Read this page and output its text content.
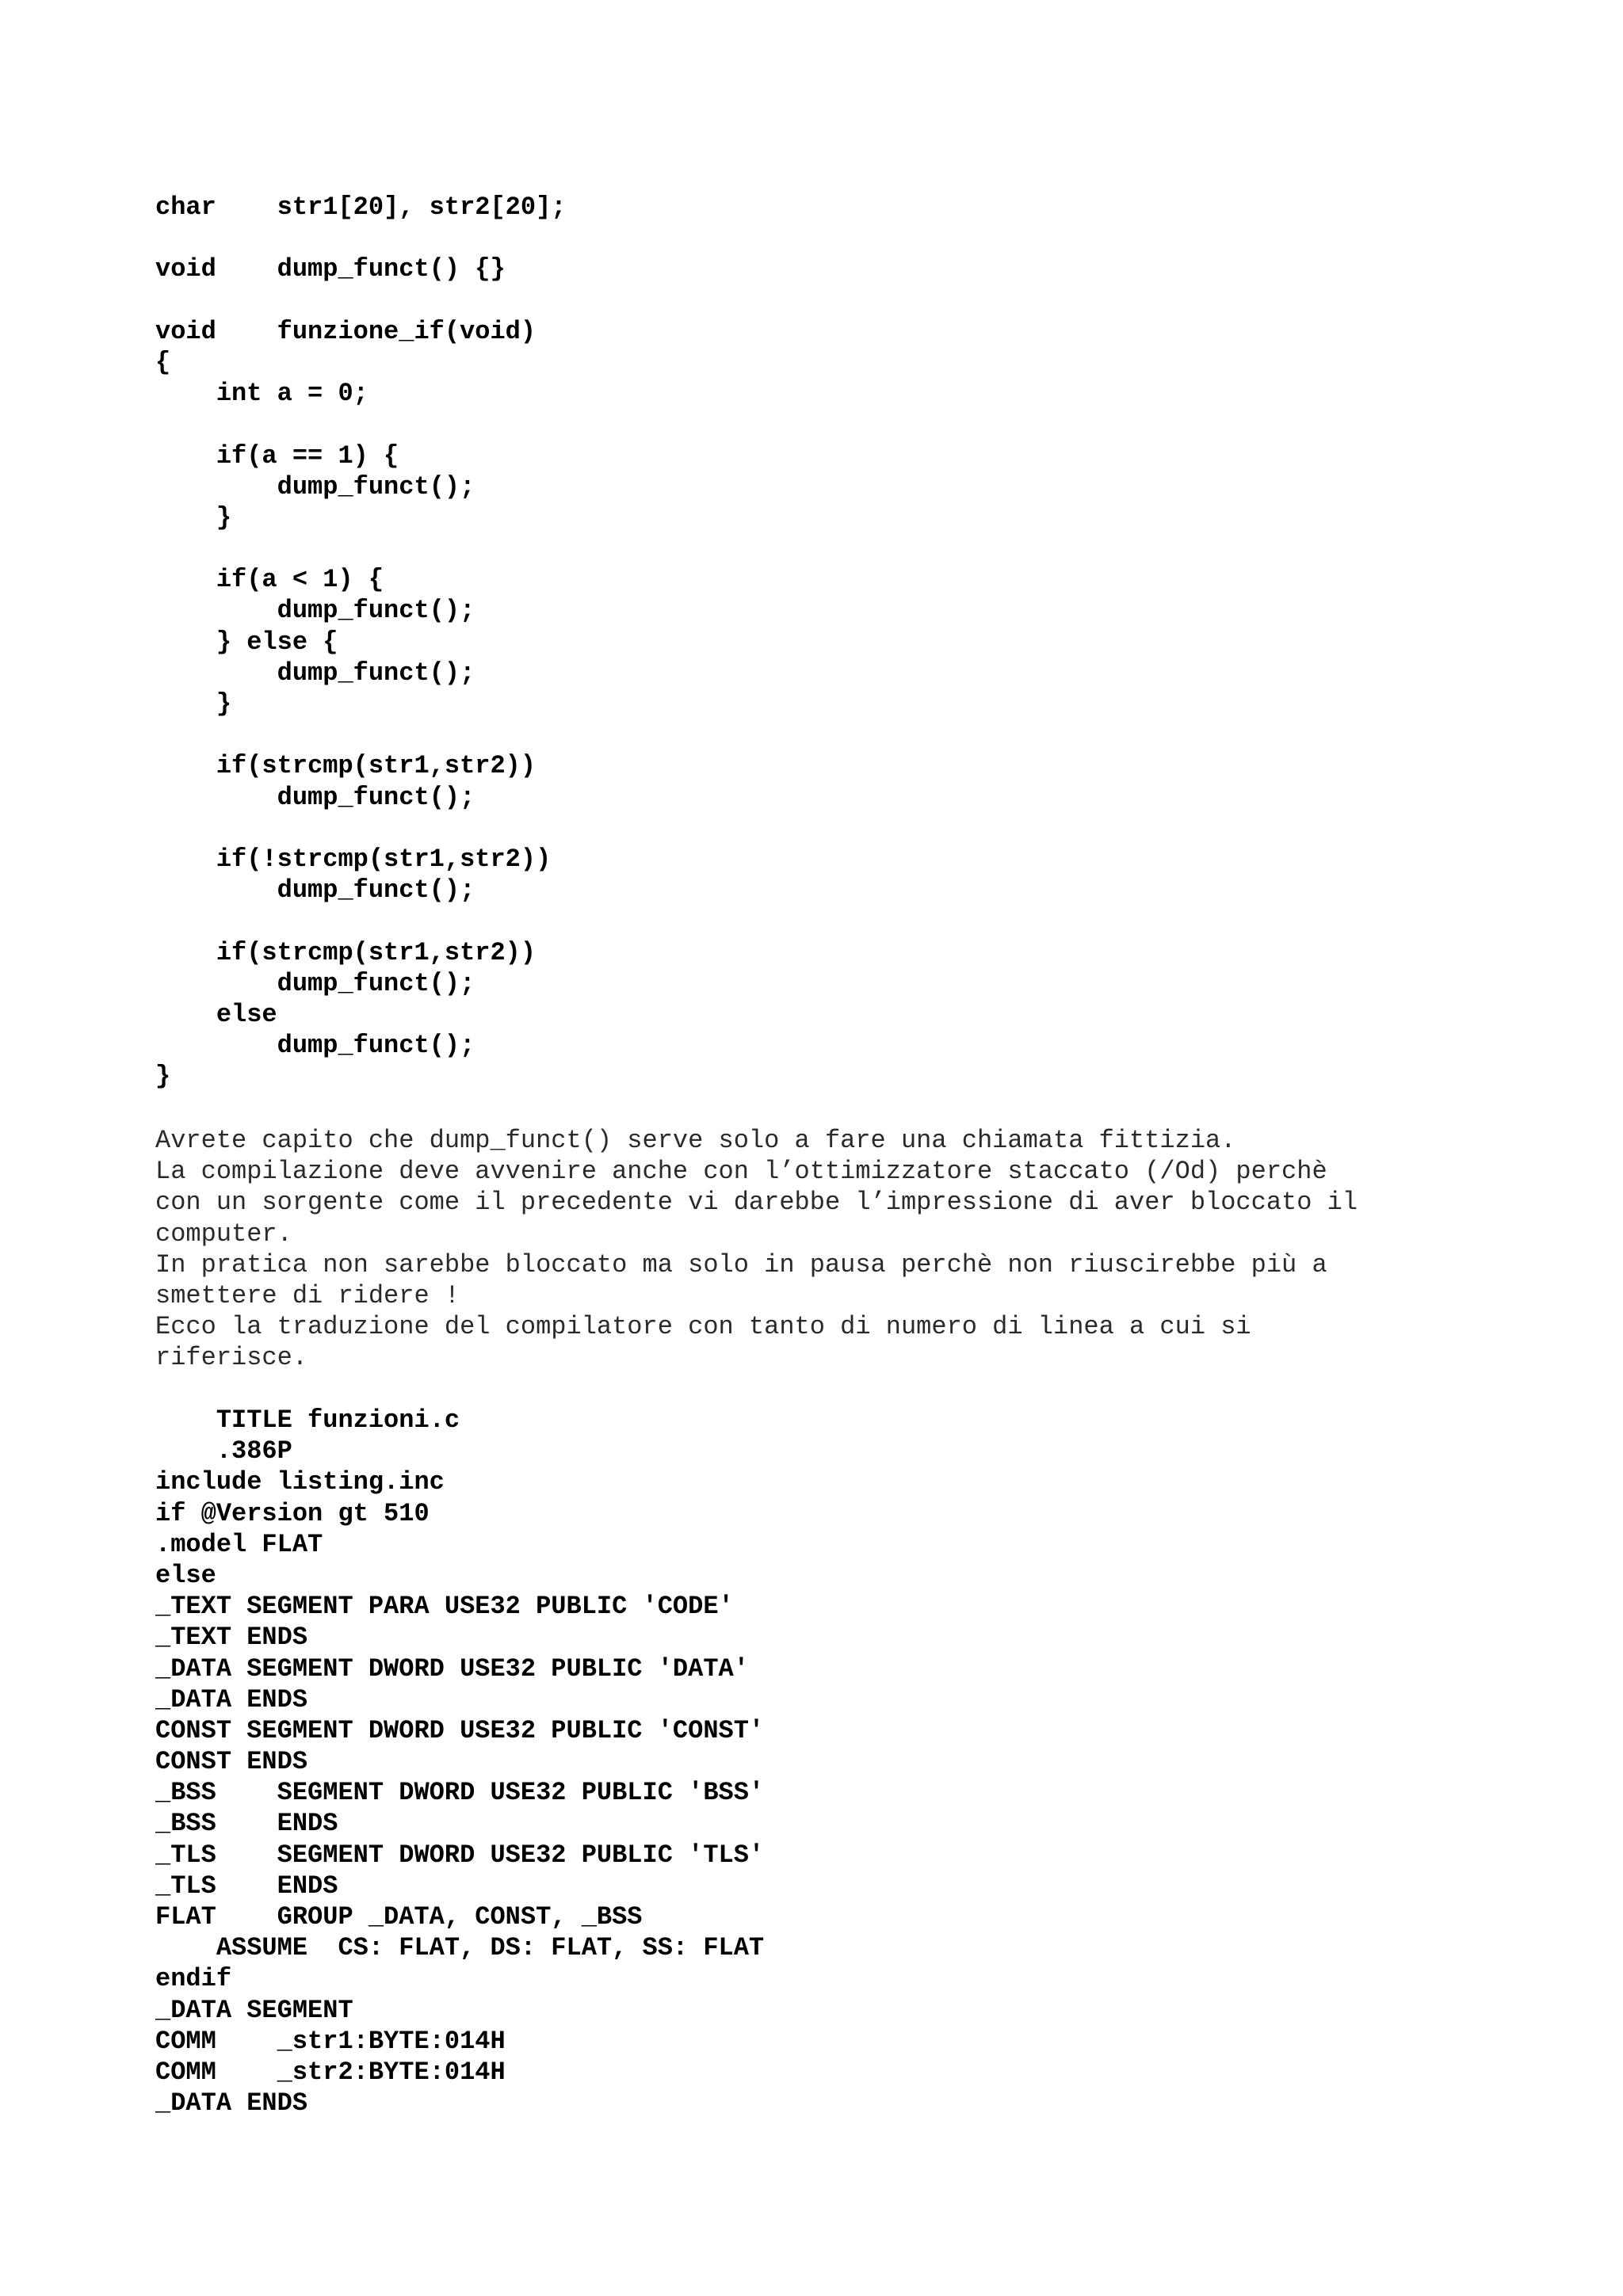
char	str1[20], str2[20];
void	dump_funct() {}
void	funzione_if(void)
{
	int a = 0;
	if(a == 1) {
		dump_funct();
	}
	if(a < 1) {
		dump_funct();
	} else {
		dump_funct();
	}
	if(strcmp(str1,str2))
		dump_funct();
	if(!strcmp(str1,str2))
		dump_funct();
	if(strcmp(str1,str2))
		dump_funct();
	else
		dump_funct();
}
Avrete capito che dump_funct() serve solo a fare una chiamata fittizia.
La compilazione deve avvenire anche con l’ottimizzatore staccato (/Od) perchè
con un sorgente come il precedente vi darebbe l’impressione di aver bloccato il
computer.
In pratica non sarebbe bloccato ma solo in pausa perchè non riuscirebbe più a
smettere di ridere !
Ecco la traduzione del compilatore con tanto di numero di linea a cui si
riferisce.
	TITLE funzioni.c
	.386P
include listing.inc
if @Version gt 510
.model FLAT
else
_TEXT SEGMENT PARA USE32 PUBLIC 'CODE'
_TEXT ENDS
_DATA SEGMENT DWORD USE32 PUBLIC 'DATA'
_DATA ENDS
CONST SEGMENT DWORD USE32 PUBLIC 'CONST'
CONST ENDS
_BSS	SEGMENT DWORD USE32 PUBLIC 'BSS'
_BSS	ENDS
_TLS	SEGMENT DWORD USE32 PUBLIC 'TLS'
_TLS	ENDS
FLAT	GROUP _DATA, CONST, _BSS
	ASSUME	CS: FLAT, DS: FLAT, SS: FLAT
endif
_DATA SEGMENT
COMM	_str1:BYTE:014H
COMM	_str2:BYTE:014H
_DATA ENDS
